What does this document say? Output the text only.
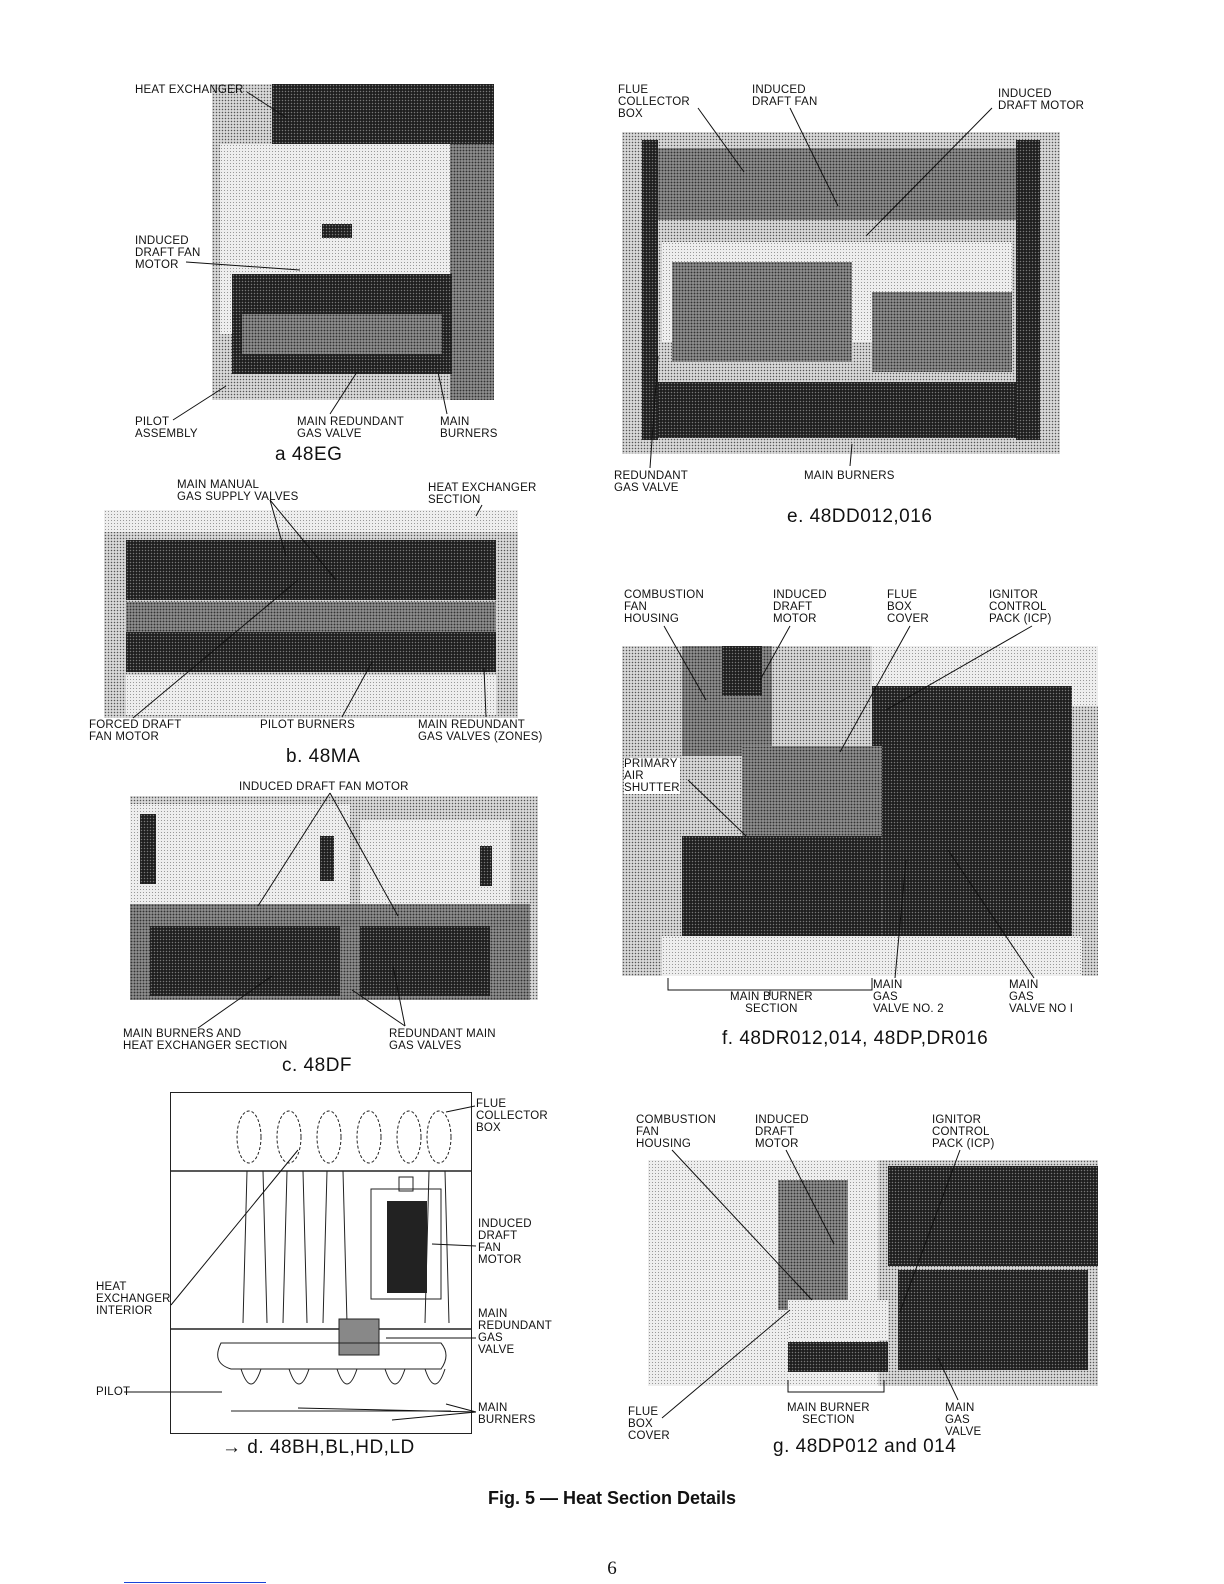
HEAT EXCHANGER
INDUCED
DRAFT FAN
MOTOR
PILOT
ASSEMBLY
MAIN REDUNDANT
GAS VALVE
MAIN
BURNERS
a 48EG
MAIN MANUAL
GAS SUPPLY VALVES
HEAT EXCHANGER
SECTION
FORCED DRAFT
FAN MOTOR
PILOT BURNERS	MAIN REDUNDANT
GAS VALVES (ZONES)
b. 48MA
INDUCED DRAFT FAN MOTOR
MAIN BURNERS AND
HEAT EXCHANGER SECTION
REDUNDANT MAIN
GAS VALVES
c. 48DF
FLUE
COLLECTOR
BOX
INDUCED
DRAFT
FAN
MOTOR
HEAT
EXCHANGER
INTERIOR	MAIN
REDUNDANT
GAS
VALVE
PILOT
MAIN
BURNERS
→ d. 48BH,BL,HD,LD
FLUE
COLLECTOR
BOX
INDUCED
DRAFT FAN
INDUCED
DRAFT MOTOR
REDUNDANT
GAS VALVE
MAIN BURNERS
e. 48DD012,016
COMBUSTION
FAN
HOUSING
INDUCED
DRAFT
MOTOR
FLUE
BOX
COVER
IGNITOR
CONTROL
PACK (ICP)
PRIMARY
AIR
SHUTTER
MAIN BURNER
SECTION
MAIN
GAS
VALVE NO. 2
MAIN
GAS
VALVE NO I
f. 48DR012,014, 48DP,DR016
COMBUSTION
FAN
HOUSING
INDUCED
DRAFT
MOTOR
IGNITOR
CONTROL
PACK (ICP)
FLUE
BOX
COVER
MAIN BURNER
SECTION
MAIN
GAS
VALVE
g. 48DP012 and 014
Fig. 5 — Heat Section Details
6
